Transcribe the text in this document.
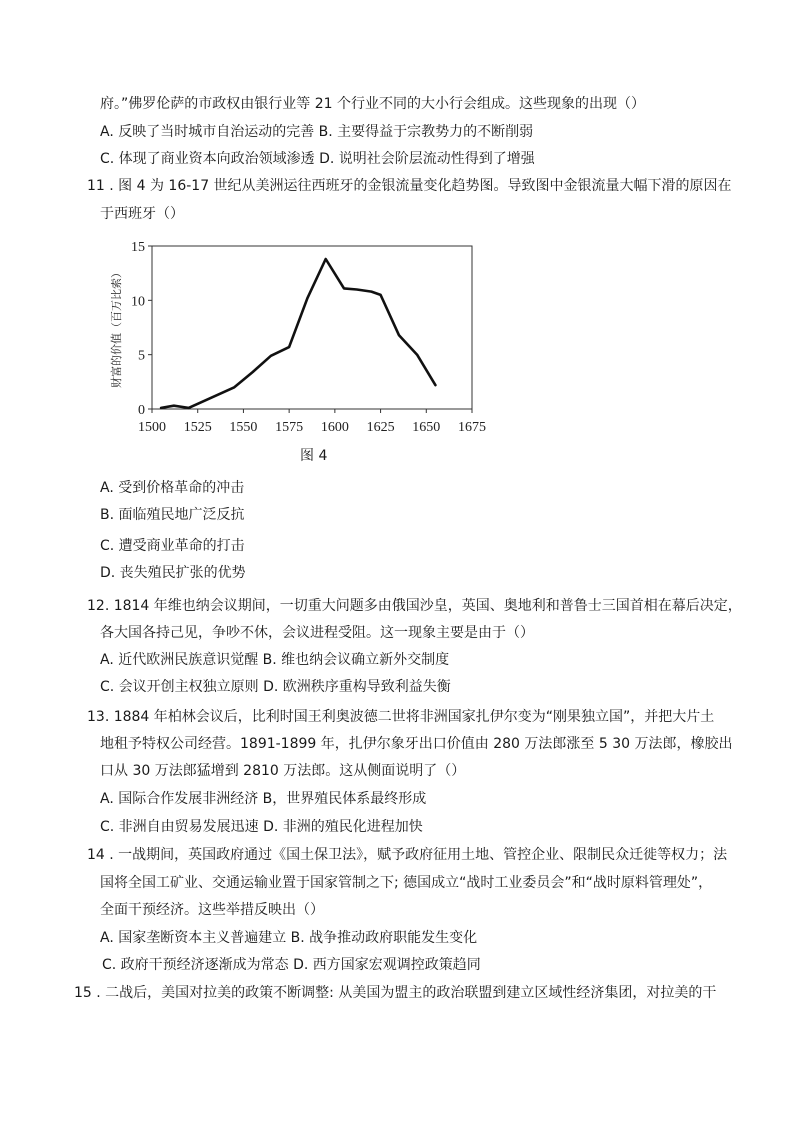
府。”佛罗伦萨的市政权由银行业等 21 个行业不同的大小行会组成。这些现象的出现（）
A. 反映了当时城市自治运动的完善 B. 主要得益于宗教势力的不断削弱
C. 体现了商业资本向政治领域渗透 D. 说明社会阶层流动性得到了增强
11 . 图 4 为 16-17 世纪从美洲运往西班牙的金银流量变化趋势图。导致图中金银流量大幅下滑的原因在
于西班牙（）
1500 1525 1550 1575 1600 1625 1650 1675
0
5
10
15
财富的价值（百万比索）
图 4
A. 受到价格革命的冲击
B. 面临殖民地广泛反抗
C. 遭受商业革命的打击
D. 丧失殖民扩张的优势
12. 1814 年维也纳会议期间，一切重大问题多由俄国沙皇，英国、奥地利和普鲁士三国首相在幕后决定，
各大国各持己见，争吵不休，会议进程受阻。这一现象主要是由于（）
A. 近代欧洲民族意识觉醒 B. 维也纳会议确立新外交制度
C. 会议开创主权独立原则 D. 欧洲秩序重构导致利益失衡
13. 1884 年柏林会议后，比利时国王利奥波德二世将非洲国家扎伊尔变为“刚果独立国”，并把大片土
地租予特权公司经营。1891-1899 年，扎伊尔象牙出口价值由 280 万法郎涨至 5 30 万法郎，橡胶出
口从 30 万法郎猛增到 2810 万法郎。这从侧面说明了（）
A. 国际合作发展非洲经济 B，世界殖民体系最终形成
C. 非洲自由贸易发展迅速 D. 非洲的殖民化进程加快
14 . 一战期间，英国政府通过《国土保卫法》，赋予政府征用土地、管控企业、限制民众迁徙等权力；法
国将全国工矿业、交通运输业置于国家管制之下; 德国成立“战时工业委员会”和“战时原料管理处”，
全面干预经济。这些举措反映出（）
A. 国家垄断资本主义普遍建立 B. 战争推动政府职能发生变化
C. 政府干预经济逐渐成为常态 D. 西方国家宏观调控政策趋同
15 . 二战后，美国对拉美的政策不断调整: 从美国为盟主的政治联盟到建立区域性经济集团，对拉美的干
